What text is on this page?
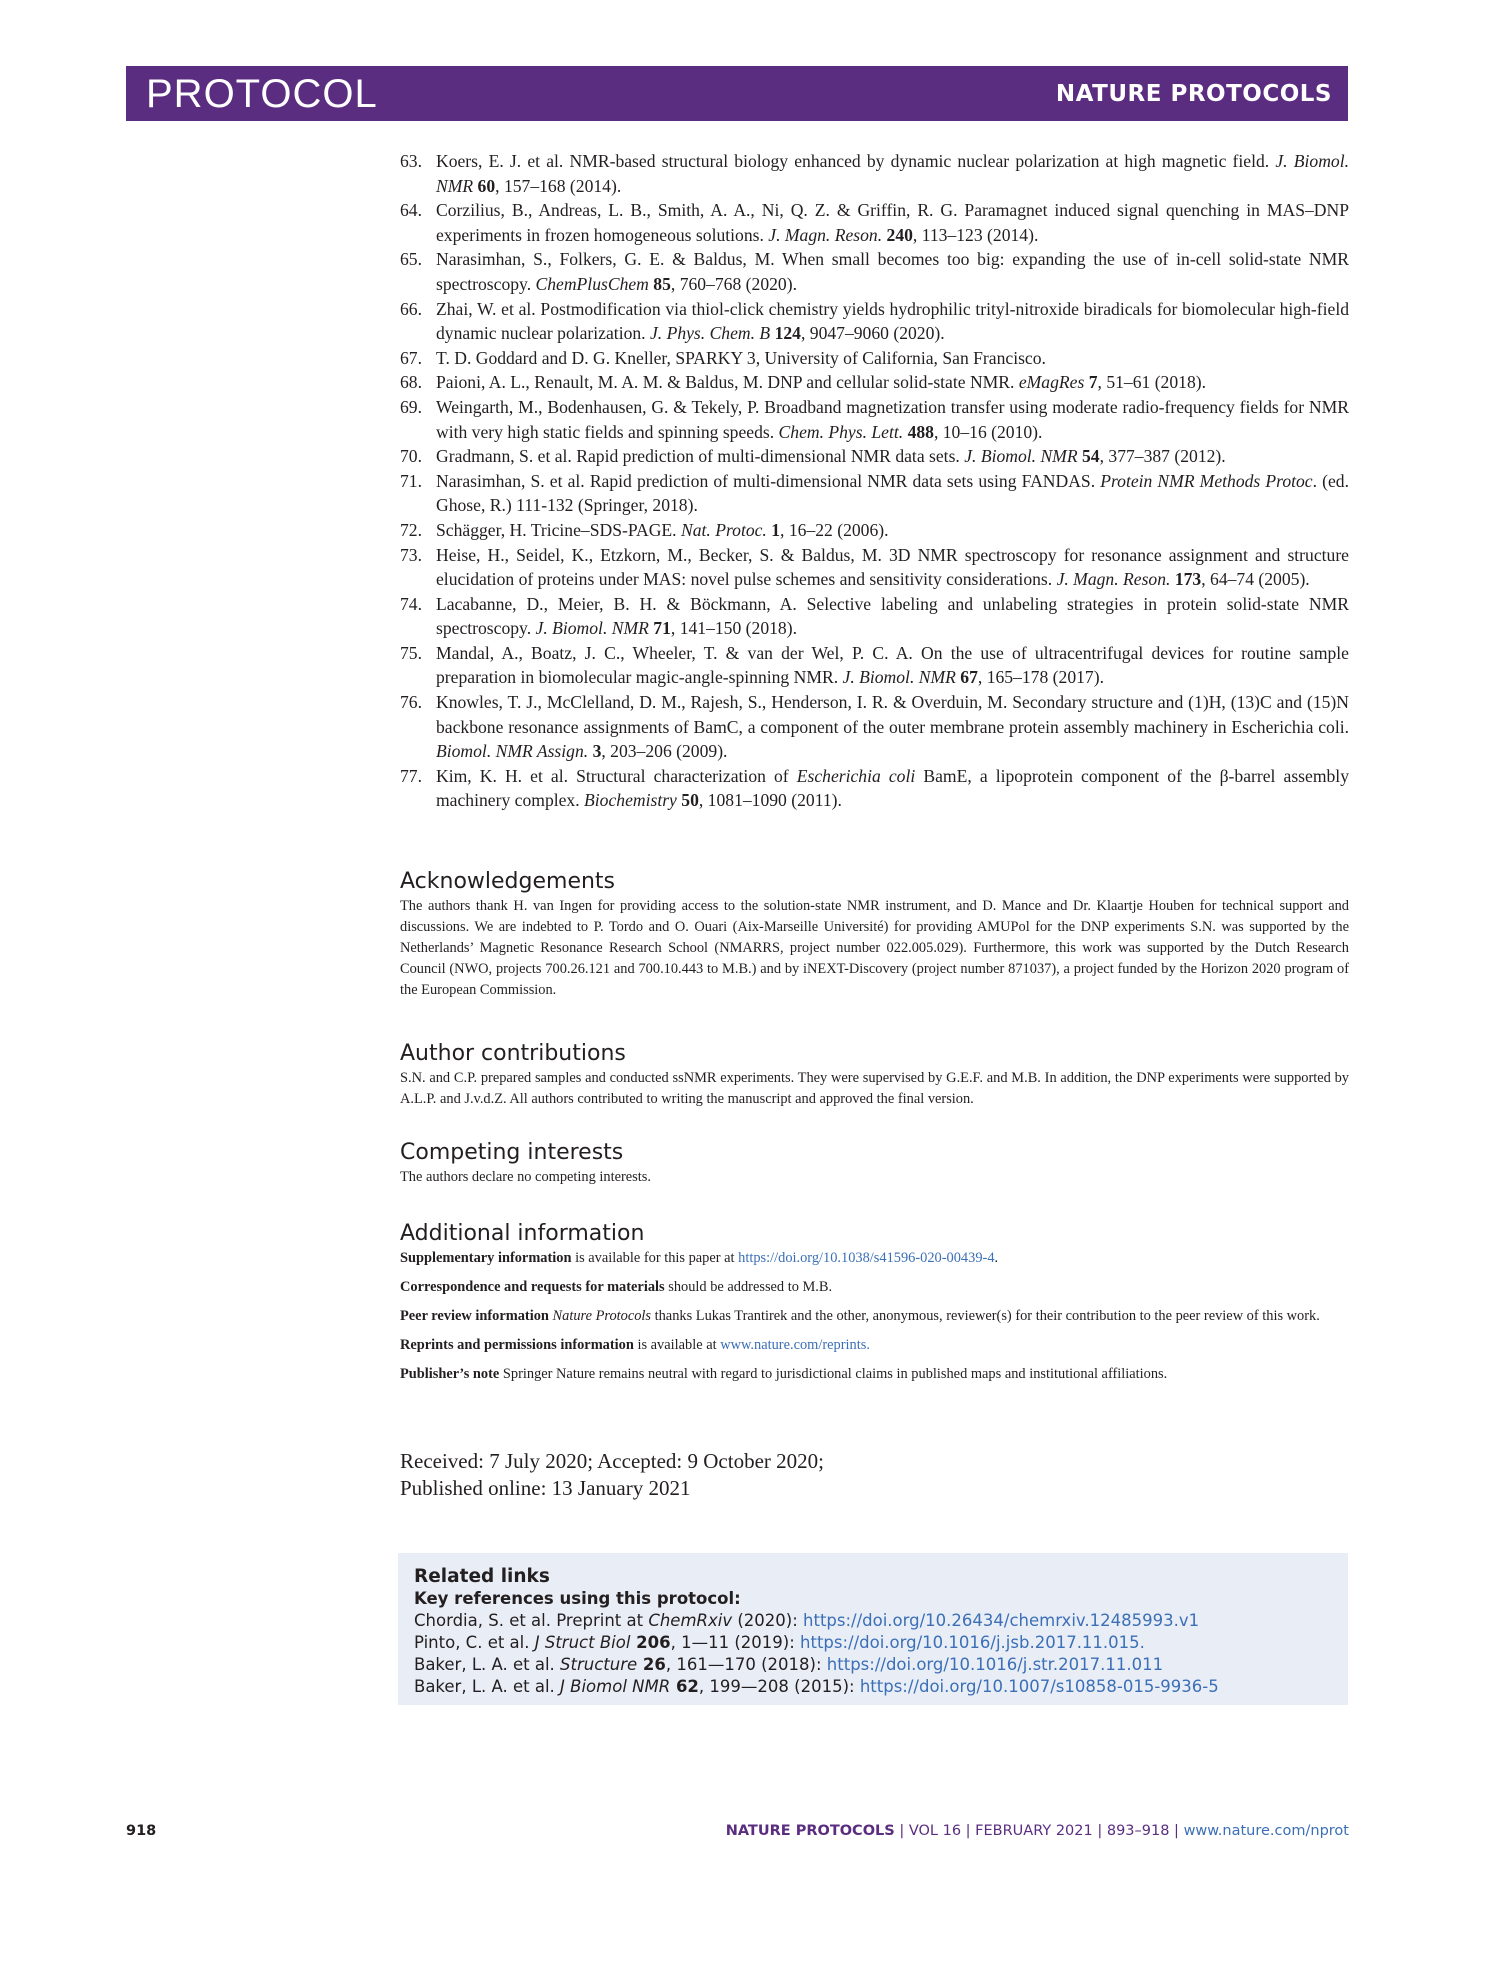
PROTOCOL	NATURE PROTOCOLS
63. Koers, E. J. et al. NMR-based structural biology enhanced by dynamic nuclear polarization at high magnetic field. J. Biomol. NMR 60, 157–168 (2014).
64. Corzilius, B., Andreas, L. B., Smith, A. A., Ni, Q. Z. & Griffin, R. G. Paramagnet induced signal quenching in MAS–DNP experiments in frozen homogeneous solutions. J. Magn. Reson. 240, 113–123 (2014).
65. Narasimhan, S., Folkers, G. E. & Baldus, M. When small becomes too big: expanding the use of in-cell solid-state NMR spectroscopy. ChemPlusChem 85, 760–768 (2020).
66. Zhai, W. et al. Postmodification via thiol-click chemistry yields hydrophilic trityl-nitroxide biradicals for biomolecular high-field dynamic nuclear polarization. J. Phys. Chem. B 124, 9047–9060 (2020).
67. T. D. Goddard and D. G. Kneller, SPARKY 3, University of California, San Francisco.
68. Paioni, A. L., Renault, M. A. M. & Baldus, M. DNP and cellular solid-state NMR. eMagRes 7, 51–61 (2018).
69. Weingarth, M., Bodenhausen, G. & Tekely, P. Broadband magnetization transfer using moderate radio-frequency fields for NMR with very high static fields and spinning speeds. Chem. Phys. Lett. 488, 10–16 (2010).
70. Gradmann, S. et al. Rapid prediction of multi-dimensional NMR data sets. J. Biomol. NMR 54, 377–387 (2012).
71. Narasimhan, S. et al. Rapid prediction of multi-dimensional NMR data sets using FANDAS. Protein NMR Methods Protoc. (ed. Ghose, R.) 111-132 (Springer, 2018).
72. Schägger, H. Tricine–SDS-PAGE. Nat. Protoc. 1, 16–22 (2006).
73. Heise, H., Seidel, K., Etzkorn, M., Becker, S. & Baldus, M. 3D NMR spectroscopy for resonance assignment and structure elucidation of proteins under MAS: novel pulse schemes and sensitivity considerations. J. Magn. Reson. 173, 64–74 (2005).
74. Lacabanne, D., Meier, B. H. & Böckmann, A. Selective labeling and unlabeling strategies in protein solid-state NMR spectroscopy. J. Biomol. NMR 71, 141–150 (2018).
75. Mandal, A., Boatz, J. C., Wheeler, T. & van der Wel, P. C. A. On the use of ultracentrifugal devices for routine sample preparation in biomolecular magic-angle-spinning NMR. J. Biomol. NMR 67, 165–178 (2017).
76. Knowles, T. J., McClelland, D. M., Rajesh, S., Henderson, I. R. & Overduin, M. Secondary structure and (1)H, (13)C and (15)N backbone resonance assignments of BamC, a component of the outer membrane protein assembly machinery in Escherichia coli. Biomol. NMR Assign. 3, 203–206 (2009).
77. Kim, K. H. et al. Structural characterization of Escherichia coli BamE, a lipoprotein component of the β-barrel assembly machinery complex. Biochemistry 50, 1081–1090 (2011).
Acknowledgements

The authors thank H. van Ingen for providing access to the solution-state NMR instrument, and D. Mance and Dr. Klaartje Houben for technical support and discussions. We are indebted to P. Tordo and O. Ouari (Aix-Marseille Université) for providing AMUPol for the DNP experiments S.N. was supported by the Netherlands’ Magnetic Resonance Research School (NMARRS, project number 022.005.029). Furthermore, this work was supported by the Dutch Research Council (NWO, projects 700.26.121 and 700.10.443 to M.B.) and by iNEXT-Discovery (project number 871037), a project funded by the Horizon 2020 program of the European Commission.

Author contributions

S.N. and C.P. prepared samples and conducted ssNMR experiments. They were supervised by G.E.F. and M.B. In addition, the DNP experiments were supported by A.L.P. and J.v.d.Z. All authors contributed to writing the manuscript and approved the final version.

Competing interests

The authors declare no competing interests.

Additional information

Supplementary information is available for this paper at https://doi.org/10.1038/s41596-020-00439-4.

Correspondence and requests for materials should be addressed to M.B.

Peer review information Nature Protocols thanks Lukas Trantirek and the other, anonymous, reviewer(s) for their contribution to the peer review of this work.

Reprints and permissions information is available at www.nature.com/reprints.

Publisher’s note Springer Nature remains neutral with regard to jurisdictional claims in published maps and institutional affiliations.

Received: 7 July 2020; Accepted: 9 October 2020;
Published online: 13 January 2021
Related links
Key references using this protocol:
Chordia, S. et al. Preprint at ChemRxiv (2020): https://doi.org/10.26434/chemrxiv.12485993.v1
Pinto, C. et al. J Struct Biol 206, 1—11 (2019): https://doi.org/10.1016/j.jsb.2017.11.015.
Baker, L. A. et al. Structure 26, 161—170 (2018): https://doi.org/10.1016/j.str.2017.11.011
Baker, L. A. et al. J Biomol NMR 62, 199—208 (2015): https://doi.org/10.1007/s10858-015-9936-5
918	NATURE PROTOCOLS | VOL 16 | FEBRUARY 2021 | 893–918 | www.nature.com/nprot
